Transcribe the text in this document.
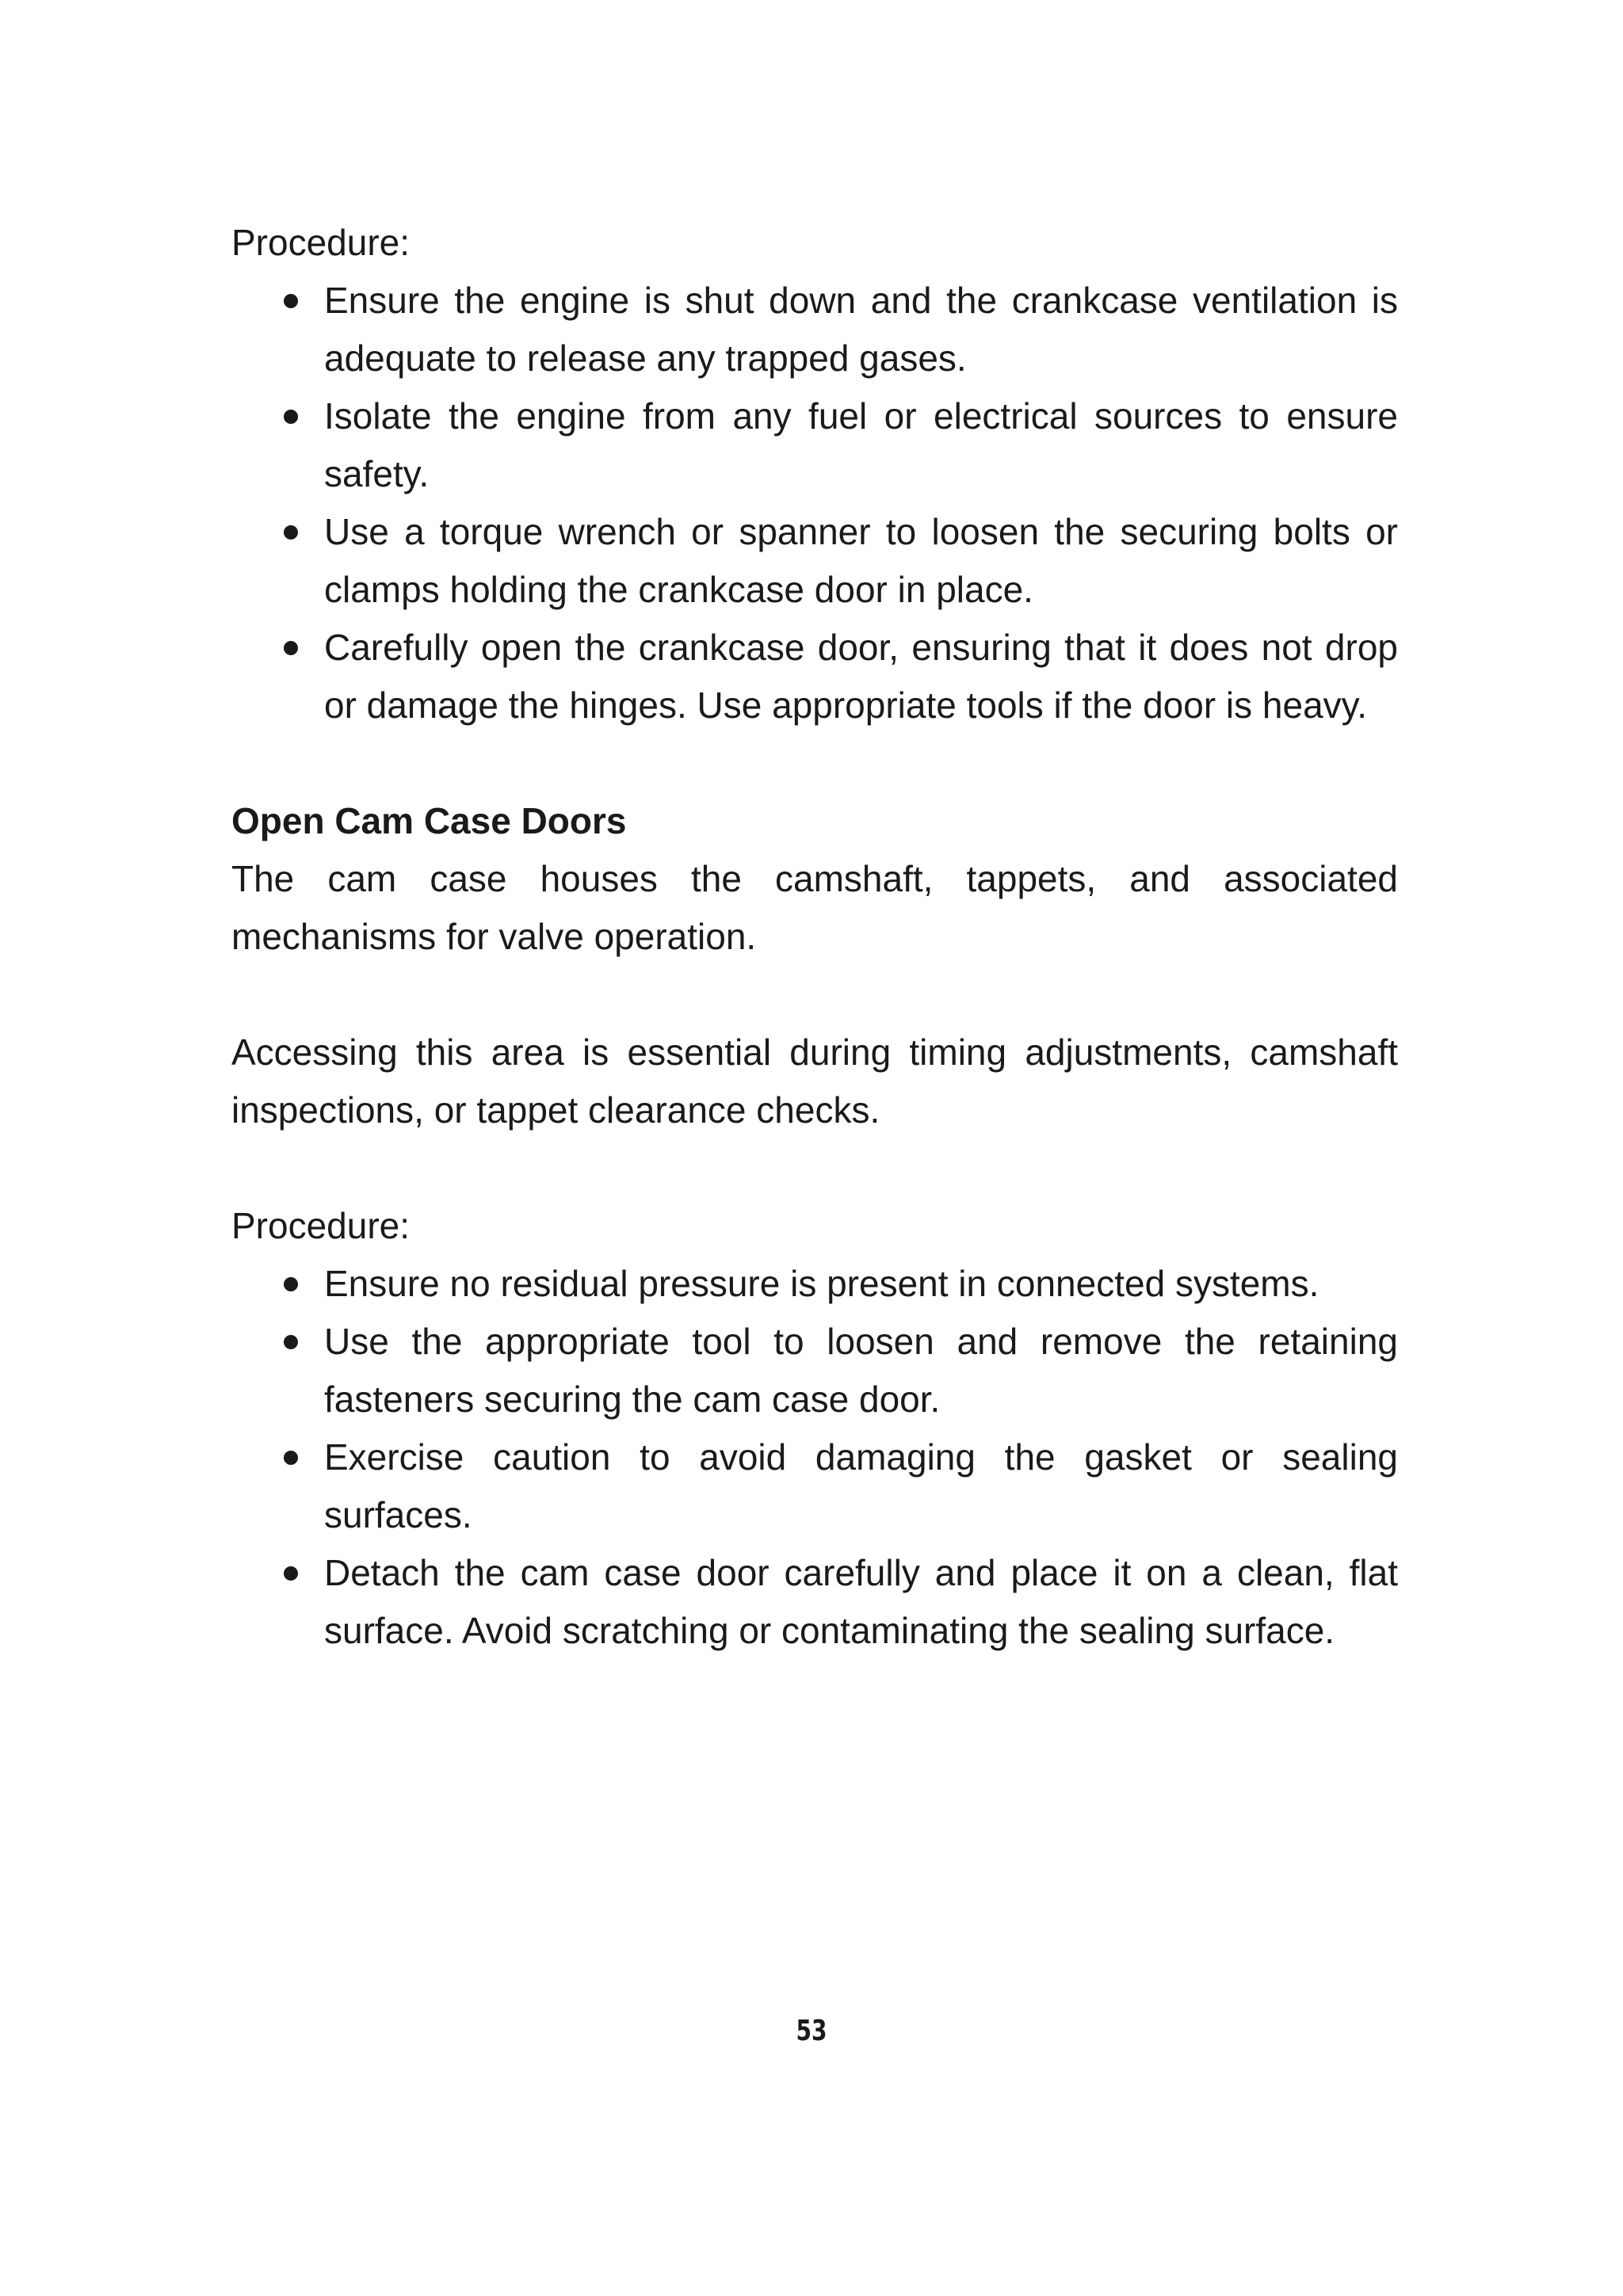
Procedure:

Ensure the engine is shut down and the crankcase ventilation is adequate to release any trapped gases.
Isolate the engine from any fuel or electrical sources to ensure safety.
Use a torque wrench or spanner to loosen the securing bolts or clamps holding the crankcase door in place.
Carefully open the crankcase door, ensuring that it does not drop or damage the hinges. Use appropriate tools if the door is heavy.

Open Cam Case Doors

The cam case houses the camshaft, tappets, and associated mechanisms for valve operation.

Accessing this area is essential during timing adjustments, camshaft inspections, or tappet clearance checks.

Procedure:

Ensure no residual pressure is present in connected systems.
Use the appropriate tool to loosen and remove the retaining fasteners securing the cam case door.
Exercise caution to avoid damaging the gasket or sealing surfaces.
Detach the cam case door carefully and place it on a clean, flat surface. Avoid scratching or contaminating the sealing surface.
53
